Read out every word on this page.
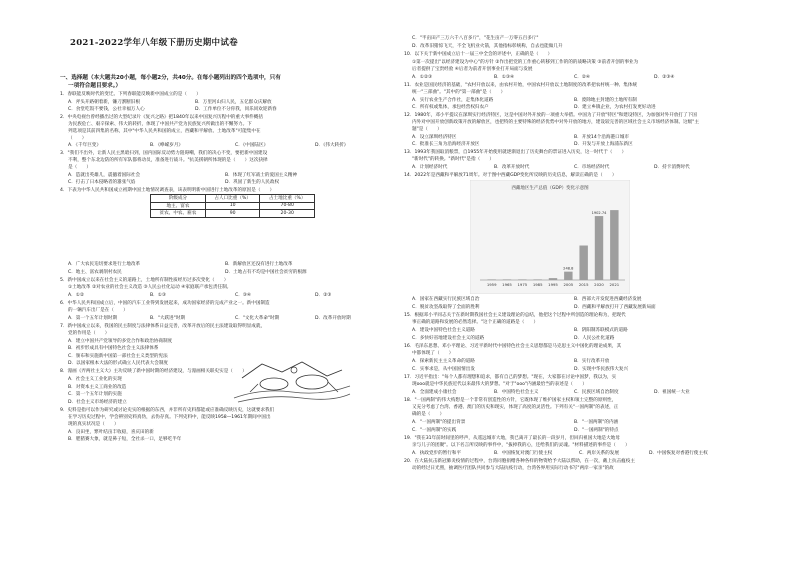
2021-2022学年八年级下册历史期中试卷
一、选择题（本大题共20小题，每小题2分，共40分。在每小题列出的四个选项中，只有
一项符合题目要求。）
1．春联能反映时代的变迁。下列春联能反映新中国成立的是（　　）
A．斧头开路朝着新，镰刀割断旧根	B．万里河山归人民，五亿群众庆解放
C．食堂吃饭不要钱，公社幸福万人心	D．工作单位不分你我，同乐同欢迎新春
2．中央电视台曾经播出过的大型纪录片《复兴之路》把1840年以来中国复兴历程中的重大事件概括
为民族危亡、艰辛探索、伟大的转折，体现了中国共产党为民族复兴所做出的不懈努力。下
列选项是其前四集的名称，其中"中华人民共和国的成立，西藏和平解放、土地改革"可能集中在
（　　）
A．《千年巨变》	B．《峥嵘岁月》	C．《中国陆区》	D．《伟大转折》
3．"我们不出外，让新人民主黑暗扫到，国内国际反动势力阻碍嘲，我们的决心不变，要把新中国建设
不利，整个东北边防的所有军队都将动员，准备进行战斗。"抗美援朝所体现的是（　　）这次抉择
是（　　）
A．造就出英雄儿，震撼着国际社会	B．体现了红军战士的爱国主义精神
C．打击了日本侵略者的嚣张气焰	D．巩固了新生的人民政权
4．下表为中华人民共和国成立初期中国土地情况调查表，该表明明新中国进行土地改革的原因是（　　）
A．广大农民迫切要求进行土地改革	B．新解放区还没有进行土地改革
C．地主、富农剥削村农民	D．土地占有不均是中国社会贫穷的根源
5．新中国成立以来在社会主义的道路上，土地所有制性质经历过多次变化（　　）
①土地改革 ②对农业的社会主义改造 ③人民公社化运动 ④家庭联产承包责任制。
A．①②	B．①③	C．③④	D．②③
6．中华人民共和国成立后，中国的汽车工业得到发展起来，成功国家经济的完成产业之一。新中国制造
的一辆汽车出厂是在（　　）
A．第一个五年计划时期	B．"大跃进"时期	C．"文化大革命"时期	D．改革开放时期
7．新中国成立以来，我国的民主制度与法律体系日益完善，改革开放后的民主法建设取得明显成就，
党的作用是（　　）
A．建立中国共产党领导的多党合作和政治协商制度
B．初步形成具有中国特色社会主义法律体系
C．颁布和实施新中国第一部社会主义类型的宪法
D．以国家根本大法的形式确立人民代表大会制度
8．漫画《弄两社主义大》主功反映了新中国时期的经济建设，与漫画相关联史实是（　　）
A．社会主义工业化的实现
B．对资本主义工商业的改造
C．第一个五年计划的实施
D．社会主义市场经济的建立
9．史料是指可以作为研究或讨论史实的根据的东西，并非所有史料都能或应准确反映历史，这就要求我们
在学习历史过程中，学会辨别史料真伪，去伪存真。下列史料中，能反映1958—1961年期间中国出
现的真实状况是（　　）
A．良田坐，繁叶结亩丰收稳，喜庆田的新
B．肥猪赛大象，就是鼻子短，全社杀一口，足够吃半年
阶级成分	占人口比重（%）	占土地比重（%）
地主、富农	10	70-80
贫农、中农、雇农	90	20-30
C．"半亩田产三万六千八百多斤"，"花生亩产一万零五百多斤"
D．改革旧猪惊飞天，不全飞机业火箭，其他指标彰统称，自去也能做几升
10．以下关于新中国成立后十一届三中全会的评述中，正确的是（　　）
①第一次提出"以经济建设为中心"的方针 ②作出把党的工作重心转移到工作的的的战略决策 ③前者开创的事业为
后者提供了宝贵经验 ④后者为前者开创事业打开局面与发展
A．①②③	B．①③④	C．②④	D．②③④
11．农业是国民经济的基础，"农村开放以来，由农村开始，中国农村开放以土地制度的改革把农村统一种、集体统
统一"三部曲"。"其中的"第一部曲"是（　　）
A．实行农业生产合作社，走集体化道路	B．废除地主封建的土地所有制
C．所有权或集体，承包经营权归农户	D．建立乡镇企业，为农村打发更好动进
12．1980年，邓小平提议在深圳实行经济特区，这是中国对外开放的一项重大举措。中国为了开放"特区"和建设特区，为加强对外开放打了下国
内外对中国开放创新政策开放的解放区，也把特的主要特殊的经济优势中对外开放的地方，建设较完善的区域社会主义市场经济体制。这级"主
题"是（　　）
A．设立深圳经济特区	B．开放14个沿海港口城市
C．批准长三角为沿海经济开放区	D．开发与开放上海浦东新区
13．1993年我国取消粮票，自1955年开始使用就逐渐退出了历史舞台的票证进入历史，这一时代于（　　）
"新时代"的转换。"新时代"是指（　　）
A．计划经济时代	B．改革开放时代	C．市场经济时代	D．持卡消费时代
14．2022年是西藏和平解放71周年。对于图中西藏GDP变化所反映的历史信息，解读正确的是（　　）
A．国家在西藏实行民族区域自治	B．西部大开发促进西藏经济发展
C．脱贫攻坚战取得了全面的胜利	D．西藏和平解放打开了西藏发展新局面
15．根据邓小平同志关于在新时期我国社会主义建设理论的总结，他把这个过程中所创造的理论称为，把现代
事正确的道路和发展的必然选择。"这个正确的道路是（　　）
A．建设中国特色社会主义道路	B．阴阳制苏联模式的道路
C．多快好省地建设社会主义的道路	D．人民公社化道路
16．毛泽东思想、邓小平理论、习近平新时代中国特色社会主义思想都是马克思主义中国化的理论成果，其
中都体现了（　　）
A．探索新民主主义革命的道路	B．实行改革开放
C．实事求是，从中国国情出发	D．实现中华民族伟大复兴
17．习近平指出："每个人都有理想和追求，都有自己的梦想。"现在，大家都在讨论中国梦，我以为，实
现ooo就是中华民族近代以来最伟大的梦想。"对于"ooo"内涵最恰当的表述是（　　）
A．全面建成小康社会	B．中国特色社会主义	C．民族区域自治制度	D．祖国统一大业
18．"一国两制"的伟大构想是一个非常有创造性的方针，它既体现了维护国家主权和领土完整的原则性，
又充分考虑了台湾、香港、澳门的历史和现实，体现了高度的灵活性。下列有关"一国两制"的表述，正
确的是（　　）
A．"一国两制"的提出背景	B．"一国两制"的内涵
C．"一国两制"的实践	D．"一国两制"的特点
19．"我在31年前时间里的呼声，从遥远城市大地，我已离开了最长的一段岁月，但回归祖国大地是大地母
亲与儿子的团聚"。以下名言所反映的事件中，"拔掉我的心，还给我们的灵魂。"材料描述的事件是（　　）
A．执政党步的暂行和平	B．中国恢复对澳门行使主权	C．两岸关系的发展	D．中国恢复对香港行使主权
20．在大陆抗击新冠肺炎疫情的过程中，台湾同胞捐赠各种各样的物资给予大陆以帮助，在一次，戴上抗击瘟疫主
动的经过日光照，抽调医疗团队共同参与大陆抗疫行动，台湾各界用实际行动书写"两岸一家亲"的故
西藏地区生产总值（GDP）变化示意图
1959 1965 1975 1985 1995 2005 2015 2020 2021
248.8
1902.74
